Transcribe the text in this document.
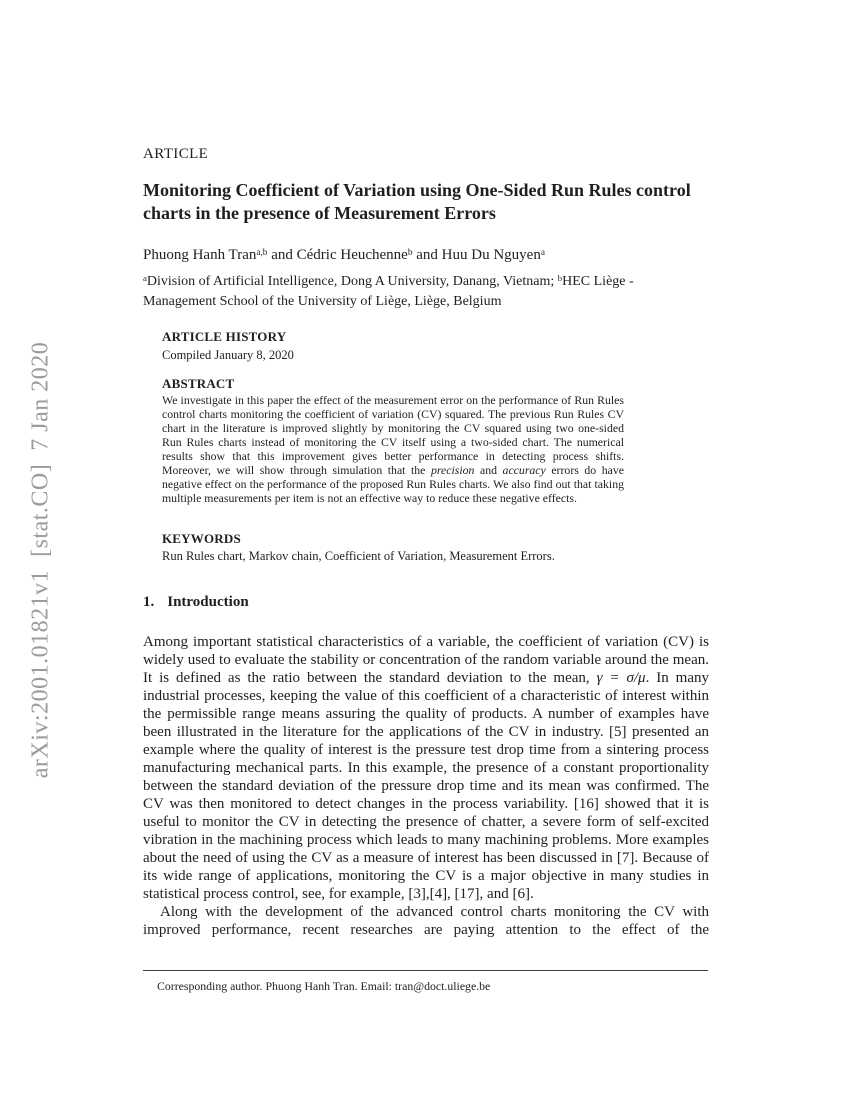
arXiv:2001.01821v1  [stat.CO]  7 Jan 2020
ARTICLE
Monitoring Coefficient of Variation using One-Sided Run Rules control charts in the presence of Measurement Errors
Phuong Hanh Tran$^{a,b}$ and Cédric Heuchenne$^b$ and Huu Du Nguyen$^a$
$^a$Division of Artificial Intelligence, Dong A University, Danang, Vietnam; $^b$HEC Liège - Management School of the University of Liège, Liège, Belgium
ARTICLE HISTORY
Compiled January 8, 2020
ABSTRACT

We investigate in this paper the effect of the measurement error on the performance of Run Rules control charts monitoring the coefficient of variation (CV) squared. The previous Run Rules CV chart in the literature is improved slightly by monitoring the CV squared using two one-sided Run Rules charts instead of monitoring the CV itself using a two-sided chart. The numerical results show that this improvement gives better performance in detecting process shifts. Moreover, we will show through simulation that the precision and accuracy errors do have negative effect on the performance of the proposed Run Rules charts. We also find out that taking multiple measurements per item is not an effective way to reduce these negative effects.

KEYWORDS
Run Rules chart, Markov chain, Coefficient of Variation, Measurement Errors.
1. Introduction

Among important statistical characteristics of a variable, the coefficient of variation (CV) is widely used to evaluate the stability or concentration of the random variable around the mean. It is defined as the ratio between the standard deviation to the mean, γ = σ/μ. In many industrial processes, keeping the value of this coefficient of a characteristic of interest within the permissible range means assuring the quality of products. A number of examples have been illustrated in the literature for the applications of the CV in industry. [5] presented an example where the quality of interest is the pressure test drop time from a sintering process manufacturing mechanical parts. In this example, the presence of a constant proportionality between the standard deviation of the pressure drop time and its mean was confirmed. The CV was then monitored to detect changes in the process variability. [16] showed that it is useful to monitor the CV in detecting the presence of chatter, a severe form of self-excited vibration in the machining process which leads to many machining problems. More examples about the need of using the CV as a measure of interest has been discussed in [7]. Because of its wide range of applications, monitoring the CV is a major objective in many studies in statistical process control, see, for example, [3],[4], [17], and [6].

Along with the development of the advanced control charts monitoring the CV with improved performance, recent researches are paying attention to the effect of the

Corresponding author. Phuong Hanh Tran. Email: tran@doct.uliege.be
